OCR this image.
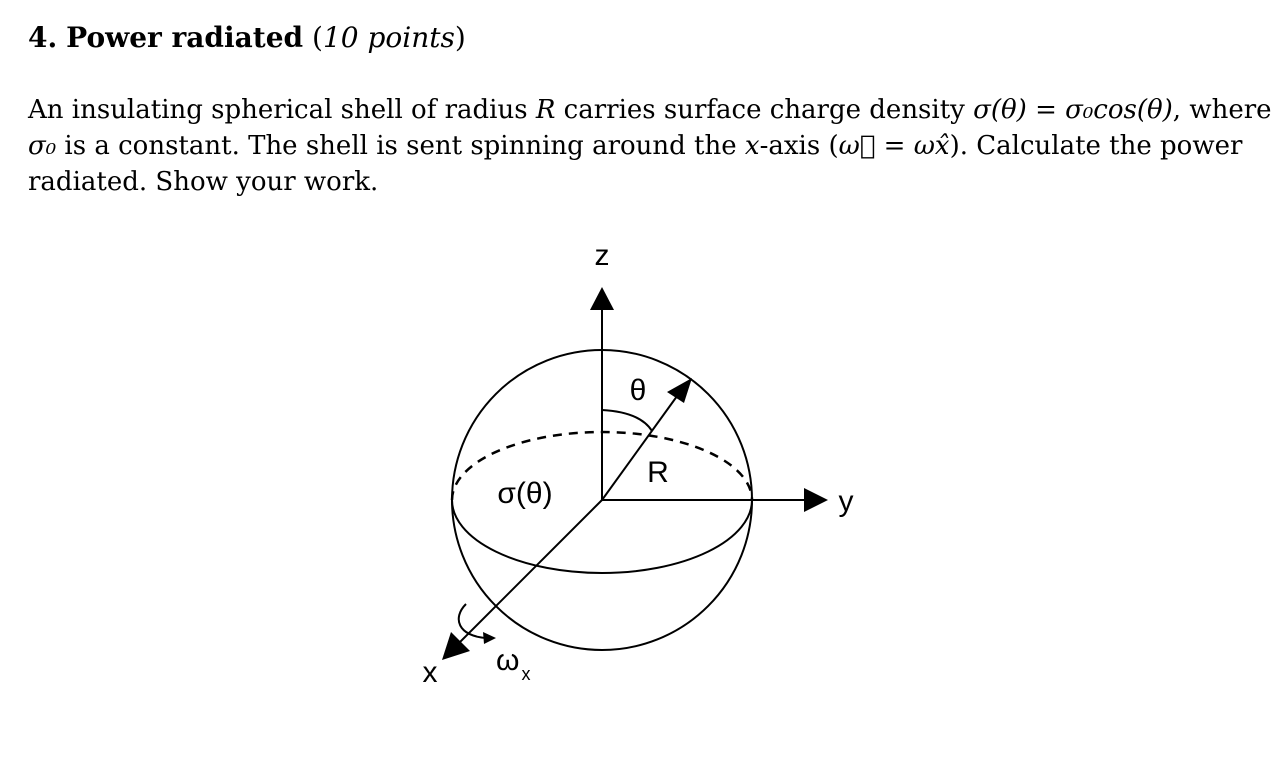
4. Power radiated (10 points)
An insulating spherical shell of radius R carries surface charge density σ(θ) = σ₀cos(θ), where
σ₀ is a constant. The shell is sent spinning around the x-axis (ω⃗ = ωx̂). Calculate the power
radiated. Show your work.
z
y
x
θ
R
σ(θ)
ω $_x$
